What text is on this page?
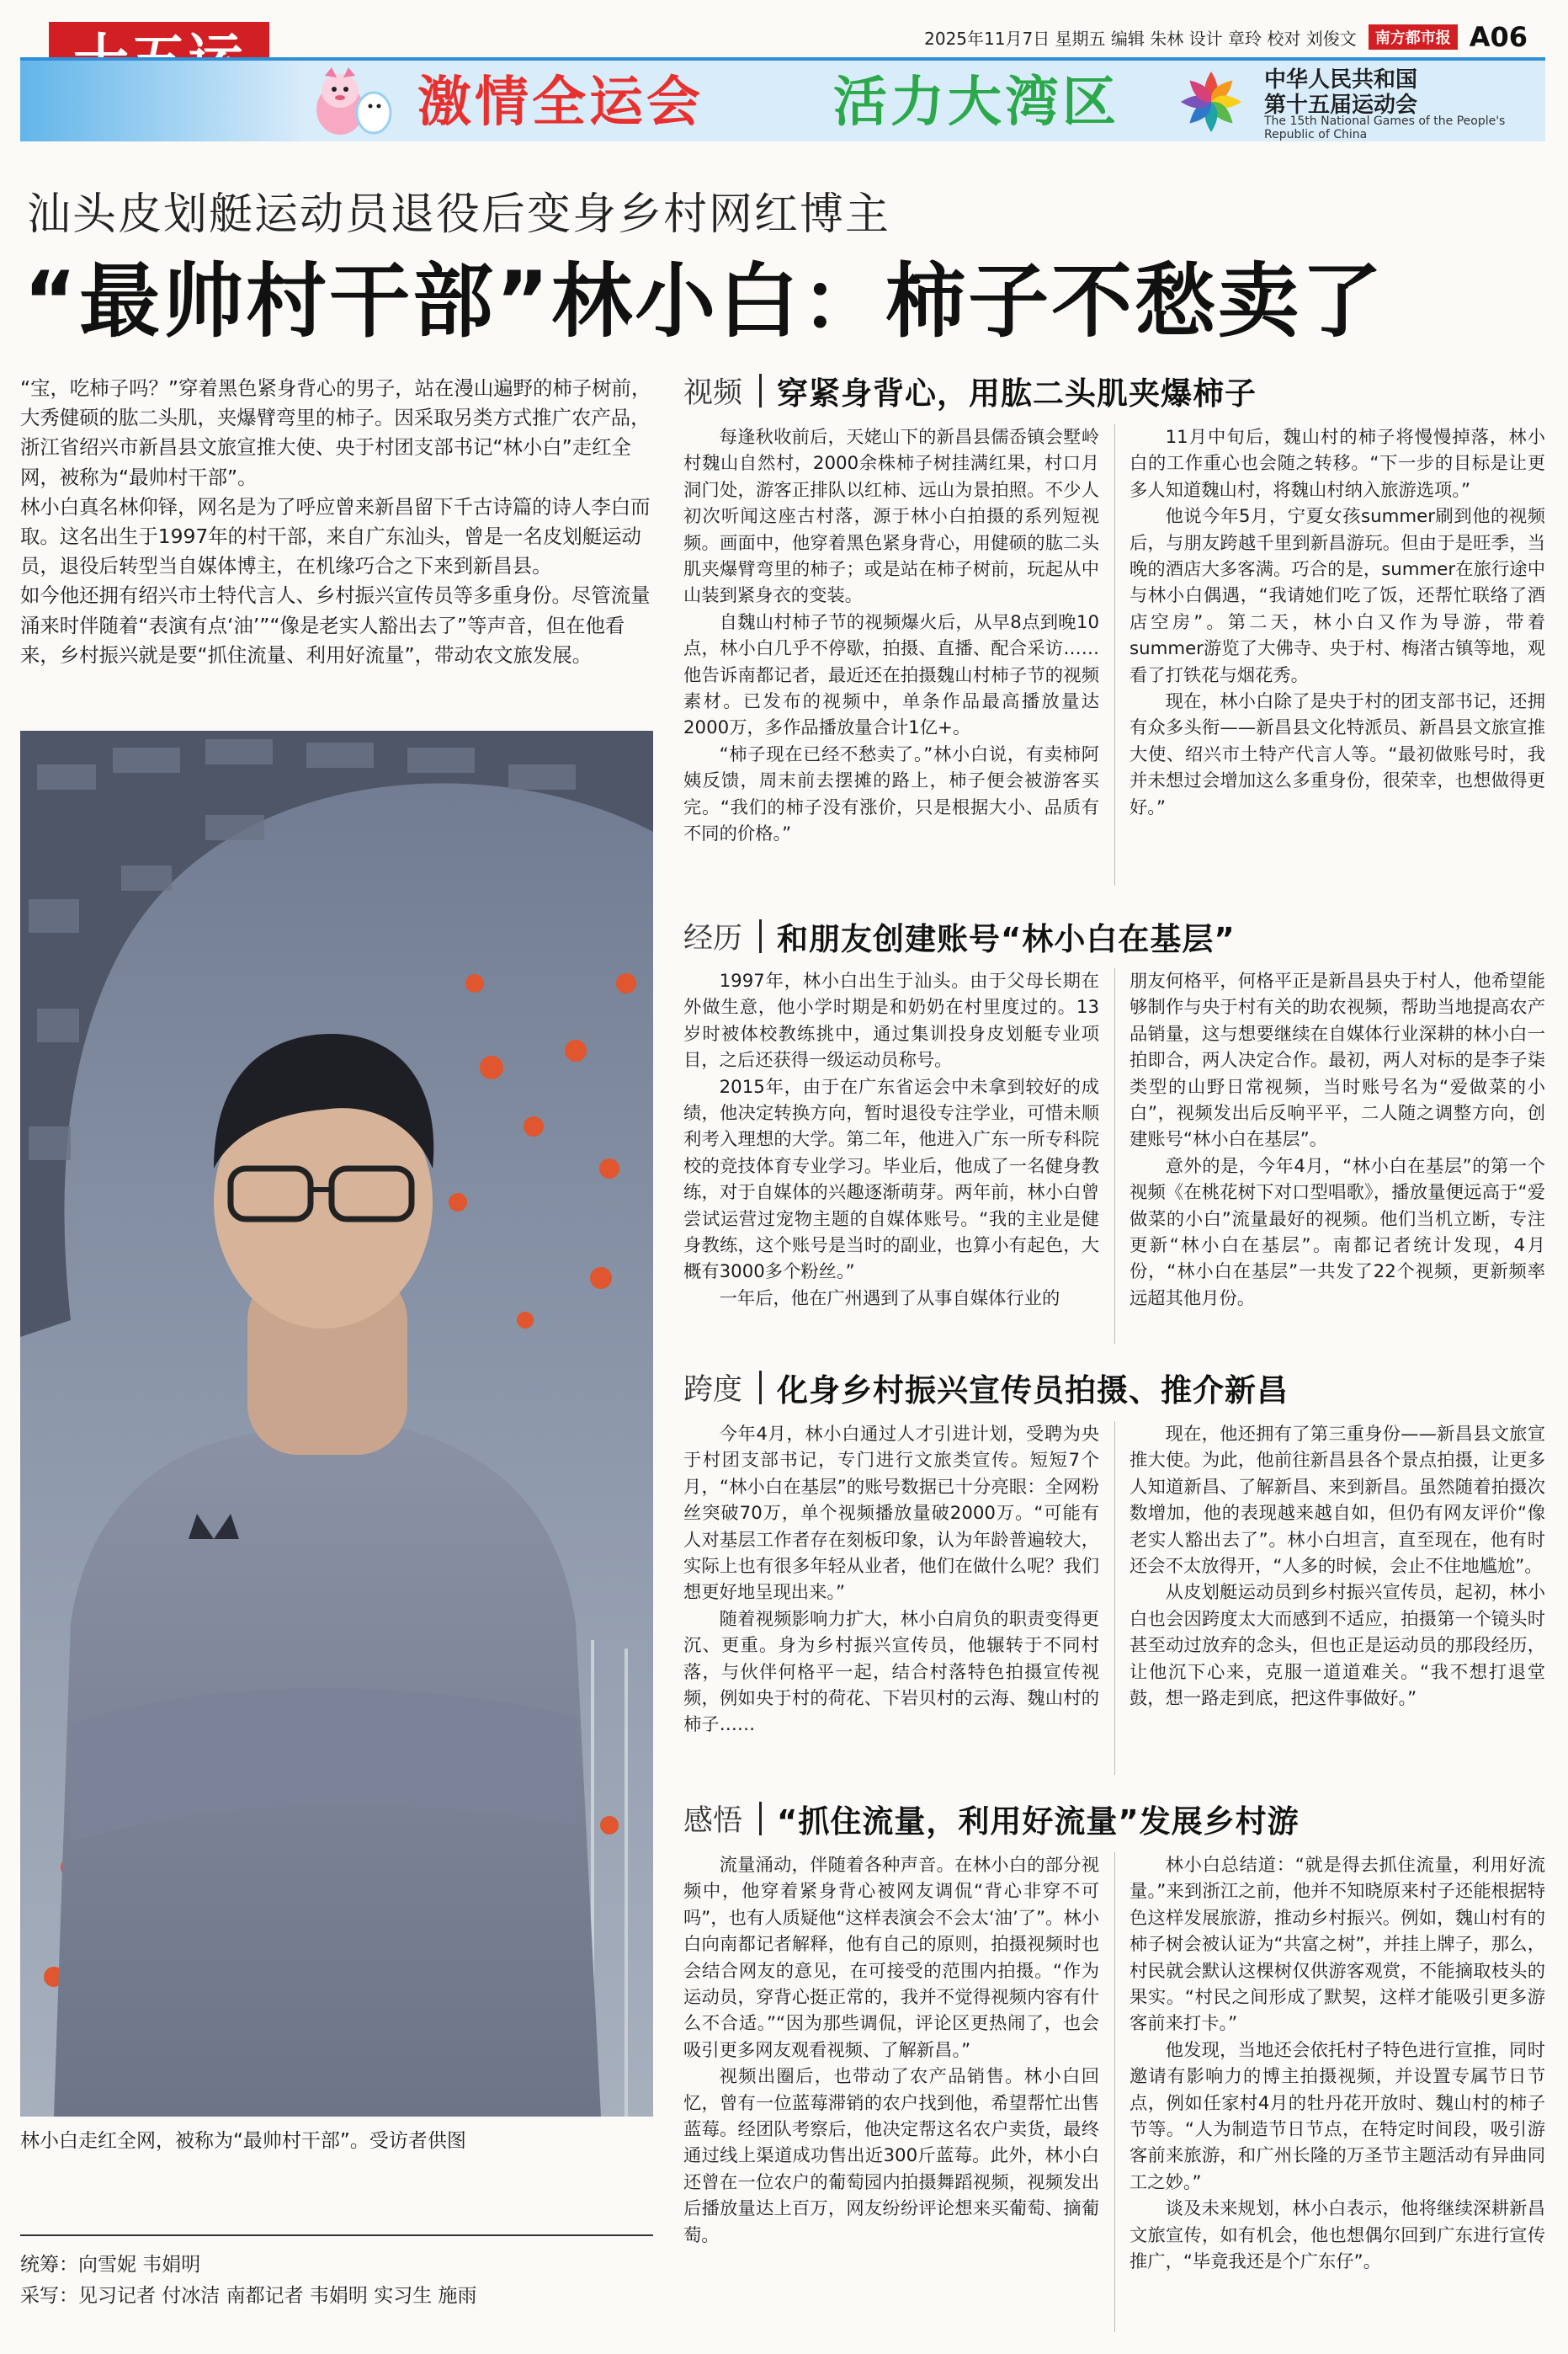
2025年11月7日 星期五 编辑 朱林 设计 章玲 校对 刘俊文	南方都市报 A06
激情全运会 活力大湾区	中华人民共和国
第十五届运动会
The 15th National Games of the People's Republic of China
汕头皮划艇运动员退役后变身乡村网红博主
“最帅村干部”林小白：柿子不愁卖了

“宝，吃柿子吗？”穿着黑色紧身背心的男子，站在漫山遍野的柿子树前，大秀健硕的肱二头肌，夹爆臂弯里的柿子。因采取另类方式推广农产品，浙江省绍兴市新昌县文旅宣推大使、央于村团支部书记“林小白”走红全网，被称为“最帅村干部”。

林小白真名林仰铎，网名是为了呼应曾来新昌留下千古诗篇的诗人李白而取。这名出生于1997年的村干部，来自广东汕头，曾是一名皮划艇运动员，退役后转型当自媒体博主，在机缘巧合之下来到新昌县。

如今他还拥有绍兴市土特代言人、乡村振兴宣传员等多重身份。尽管流量涌来时伴随着“表演有点‘油’”“像是老实人豁出去了”等声音，但在他看来，乡村振兴就是要“抓住流量、利用好流量”，带动农文旅发展。

林小白走红全网，被称为“最帅村干部”。受访者供图
统筹：向雪妮 韦娟明
采写：见习记者 付冰洁 南都记者 韦娟明 实习生 施雨
视频 穿紧身背心，用肱二头肌夹爆柿子

每逢秋收前后，天姥山下的新昌县儒岙镇会墅岭村魏山自然村，2000余株柿子树挂满红果，村口月洞门处，游客正排队以红柿、远山为景拍照。不少人初次听闻这座古村落，源于林小白拍摄的系列短视频。画面中，他穿着黑色紧身背心，用健硕的肱二头肌夹爆臂弯里的柿子；或是站在柿子树前，玩起从中山装到紧身衣的变装。

自魏山村柿子节的视频爆火后，从早8点到晚10点，林小白几乎不停歇，拍摄、直播、配合采访……他告诉南都记者，最近还在拍摄魏山村柿子节的视频素材。已发布的视频中，单条作品最高播放量达2000万，多作品播放量合计1亿+。

“柿子现在已经不愁卖了。”林小白说，有卖柿阿姨反馈，周末前去摆摊的路上，柿子便会被游客买完。“我们的柿子没有涨价，只是根据大小、品质有不同的价格。”

11月中旬后，魏山村的柿子将慢慢掉落，林小白的工作重心也会随之转移。“下一步的目标是让更多人知道魏山村，将魏山村纳入旅游选项。”

他说今年5月，宁夏女孩summer刷到他的视频后，与朋友跨越千里到新昌游玩。但由于是旺季，当晚的酒店大多客满。巧合的是，summer在旅行途中与林小白偶遇，“我请她们吃了饭，还帮忙联络了酒店空房”。第二天，林小白又作为导游，带着summer游览了大佛寺、央于村、梅渚古镇等地，观看了打铁花与烟花秀。

现在，林小白除了是央于村的团支部书记，还拥有众多头衔——新昌县文化特派员、新昌县文旅宣推大使、绍兴市土特产代言人等。“最初做账号时，我并未想过会增加这么多重身份，很荣幸，也想做得更好。”

经历 和朋友创建账号“林小白在基层”

1997年，林小白出生于汕头。由于父母长期在外做生意，他小学时期是和奶奶在村里度过的。13岁时被体校教练挑中，通过集训投身皮划艇专业项目，之后还获得一级运动员称号。

2015年，由于在广东省运会中未拿到较好的成绩，他决定转换方向，暂时退役专注学业，可惜未顺利考入理想的大学。第二年，他进入广东一所专科院校的竞技体育专业学习。毕业后，他成了一名健身教练，对于自媒体的兴趣逐渐萌芽。两年前，林小白曾尝试运营过宠物主题的自媒体账号。“我的主业是健身教练，这个账号是当时的副业，也算小有起色，大概有3000多个粉丝。”

一年后，他在广州遇到了从事自媒体行业的

朋友何格平，何格平正是新昌县央于村人，他希望能够制作与央于村有关的助农视频，帮助当地提高农产品销量，这与想要继续在自媒体行业深耕的林小白一拍即合，两人决定合作。最初，两人对标的是李子柒类型的山野日常视频，当时账号名为“爱做菜的小白”，视频发出后反响平平，二人随之调整方向，创建账号“林小白在基层”。

意外的是，今年4月，“林小白在基层”的第一个视频《在桃花树下对口型唱歌》，播放量便远高于“爱做菜的小白”流量最好的视频。他们当机立断，专注更新“林小白在基层”。南都记者统计发现，4月份，“林小白在基层”一共发了22个视频，更新频率远超其他月份。

跨度 化身乡村振兴宣传员拍摄、推介新昌

今年4月，林小白通过人才引进计划，受聘为央于村团支部书记，专门进行文旅类宣传。短短7个月，“林小白在基层”的账号数据已十分亮眼：全网粉丝突破70万，单个视频播放量破2000万。“可能有人对基层工作者存在刻板印象，认为年龄普遍较大，实际上也有很多年轻从业者，他们在做什么呢？我们想更好地呈现出来。”

随着视频影响力扩大，林小白肩负的职责变得更沉、更重。身为乡村振兴宣传员，他辗转于不同村落，与伙伴何格平一起，结合村落特色拍摄宣传视频，例如央于村的荷花、下岩贝村的云海、魏山村的柿子……

现在，他还拥有了第三重身份——新昌县文旅宣推大使。为此，他前往新昌县各个景点拍摄，让更多人知道新昌、了解新昌、来到新昌。虽然随着拍摄次数增加，他的表现越来越自如，但仍有网友评价“像老实人豁出去了”。林小白坦言，直至现在，他有时还会不太放得开，“人多的时候，会止不住地尴尬”。

从皮划艇运动员到乡村振兴宣传员，起初，林小白也会因跨度太大而感到不适应，拍摄第一个镜头时甚至动过放弃的念头，但也正是运动员的那段经历，让他沉下心来，克服一道道难关。“我不想打退堂鼓，想一路走到底，把这件事做好。”

感悟 “抓住流量，利用好流量”发展乡村游

流量涌动，伴随着各种声音。在林小白的部分视频中，他穿着紧身背心被网友调侃“背心非穿不可吗”，也有人质疑他“这样表演会不会太‘油’了”。林小白向南都记者解释，他有自己的原则，拍摄视频时也会结合网友的意见，在可接受的范围内拍摄。“作为运动员，穿背心挺正常的，我并不觉得视频内容有什么不合适。”“因为那些调侃，评论区更热闹了，也会吸引更多网友观看视频、了解新昌。”

视频出圈后，也带动了农产品销售。林小白回忆，曾有一位蓝莓滞销的农户找到他，希望帮忙出售蓝莓。经团队考察后，他决定帮这名农户卖货，最终通过线上渠道成功售出近300斤蓝莓。此外，林小白还曾在一位农户的葡萄园内拍摄舞蹈视频，视频发出后播放量达上百万，网友纷纷评论想来买葡萄、摘葡萄。

林小白总结道：“就是得去抓住流量，利用好流量。”来到浙江之前，他并不知晓原来村子还能根据特色这样发展旅游，推动乡村振兴。例如，魏山村有的柿子树会被认证为“共富之树”，并挂上牌子，那么，村民就会默认这棵树仅供游客观赏，不能摘取枝头的果实。“村民之间形成了默契，这样才能吸引更多游客前来打卡。”

他发现，当地还会依托村子特色进行宣推，同时邀请有影响力的博主拍摄视频，并设置专属节日节点，例如任家村4月的牡丹花开放时、魏山村的柿子节等。“人为制造节日节点，在特定时间段，吸引游客前来旅游，和广州长隆的万圣节主题活动有异曲同工之妙。”

谈及未来规划，林小白表示，他将继续深耕新昌文旅宣传，如有机会，他也想偶尔回到广东进行宣传推广，“毕竟我还是个广东仔”。
